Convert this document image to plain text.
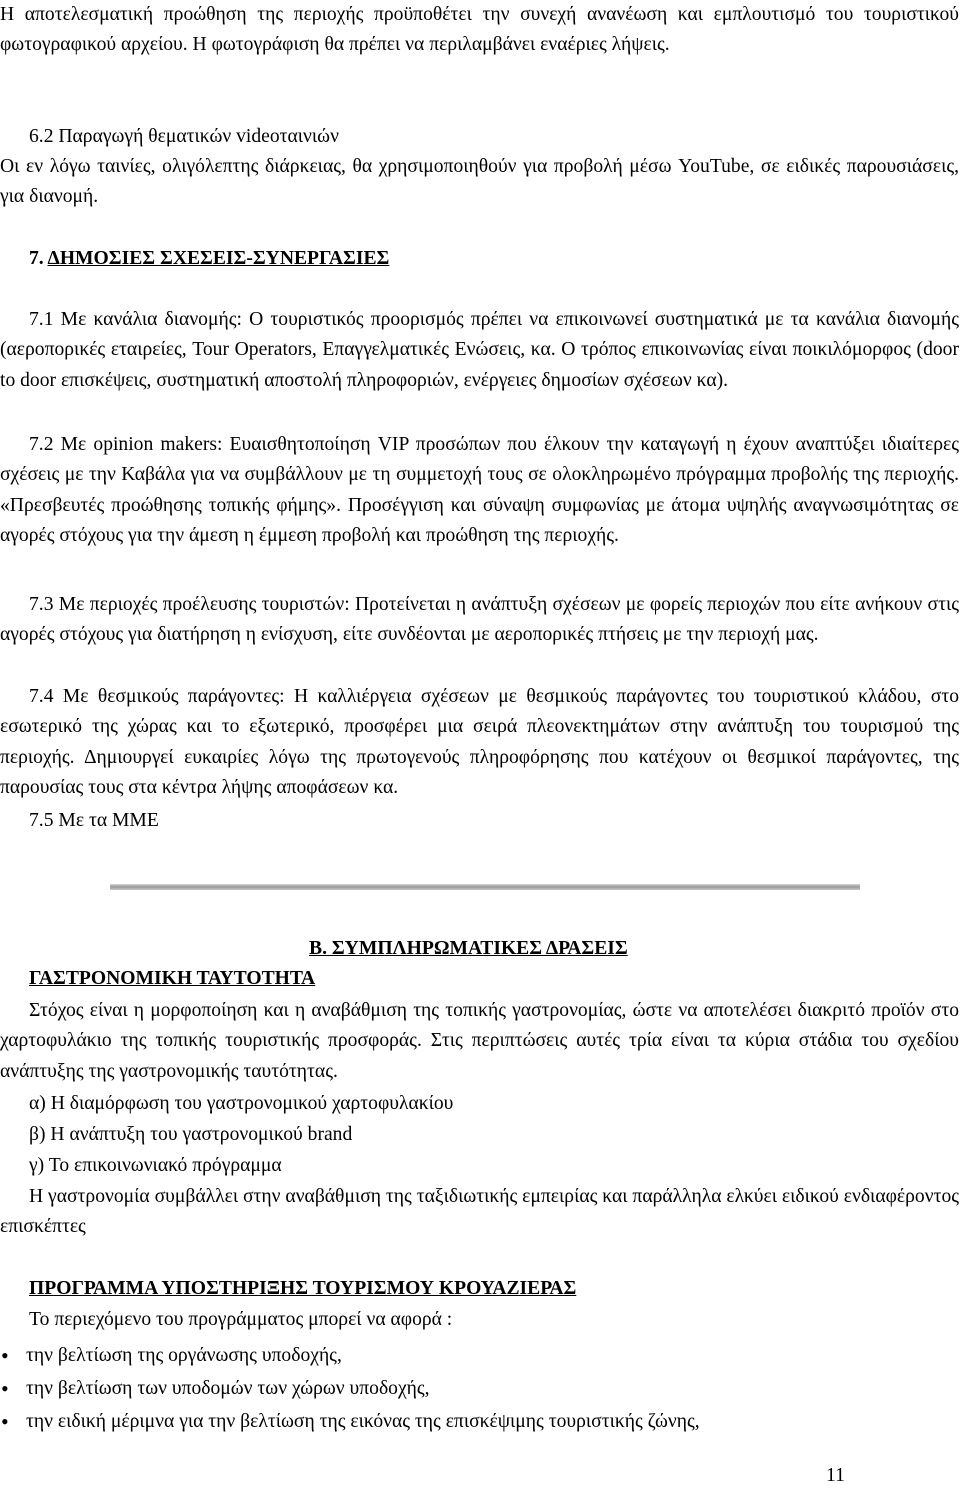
Η αποτελεσματική προώθηση της περιοχής προϋποθέτει την συνεχή ανανέωση και εμπλουτισμό του τουριστικού φωτογραφικού αρχείου. Η φωτογράφιση θα πρέπει να περιλαμβάνει εναέριες λήψεις.

6.2 Παραγωγή θεματικών videoταινιών

Οι εν λόγω ταινίες, ολιγόλεπτης διάρκειας, θα χρησιμοποιηθούν για προβολή μέσω YouTube, σε ειδικές παρουσιάσεις, για διανομή.

7. ΔΗΜΟΣΙΕΣ ΣΧΕΣΕΙΣ-ΣΥΝΕΡΓΑΣΙΕΣ

7.1 Με κανάλια διανομής: Ο τουριστικός προορισμός πρέπει να επικοινωνεί συστηματικά με τα κανάλια διανομής (αεροπορικές εταιρείες, Tour Operators, Επαγγελματικές Ενώσεις, κα. Ο τρόπος επικοινωνίας είναι ποικιλόμορφος (door to door επισκέψεις, συστηματική αποστολή πληροφοριών, ενέργειες δημοσίων σχέσεων κα).

7.2 Με opinion makers: Ευαισθητοποίηση VIP προσώπων που έλκουν την καταγωγή η έχουν αναπτύξει ιδιαίτερες σχέσεις με την Καβάλα για να συμβάλλουν με τη συμμετοχή τους σε ολοκληρωμένο πρόγραμμα προβολής της περιοχής. «Πρεσβευτές προώθησης τοπικής φήμης». Προσέγγιση και σύναψη συμφωνίας με άτομα υψηλής αναγνωσιμότητας σε αγορές στόχους για την άμεση η έμμεση προβολή και προώθηση της περιοχής.

7.3 Με περιοχές προέλευσης τουριστών: Προτείνεται η ανάπτυξη σχέσεων με φορείς περιοχών που είτε ανήκουν στις αγορές στόχους για διατήρηση η ενίσχυση, είτε συνδέονται με αεροπορικές πτήσεις με την περιοχή μας.

7.4 Με θεσμικούς παράγοντες: Η καλλιέργεια σχέσεων με θεσμικούς παράγοντες του τουριστικού κλάδου, στο εσωτερικό της χώρας και το εξωτερικό, προσφέρει μια σειρά πλεονεκτημάτων στην ανάπτυξη του τουρισμού της περιοχής. Δημιουργεί ευκαιρίες λόγω της πρωτογενούς πληροφόρησης που κατέχουν οι θεσμικοί παράγοντες, της παρουσίας τους στα κέντρα λήψης αποφάσεων κα.

7.5 Με τα ΜΜΕ

Β. ΣΥΜΠΛΗΡΩΜΑΤΙΚΕΣ ΔΡΑΣΕΙΣ
ΓΑΣΤΡΟΝΟΜΙΚΗ ΤΑΥΤΟΤΗΤΑ

Στόχος είναι η μορφοποίηση και η αναβάθμιση της τοπικής γαστρονομίας, ώστε να αποτελέσει διακριτό προϊόν στο χαρτοφυλάκιο της τοπικής τουριστικής προσφοράς. Στις περιπτώσεις αυτές τρία είναι τα κύρια στάδια του σχεδίου ανάπτυξης της γαστρονομικής ταυτότητας.

α) Η διαμόρφωση του γαστρονομικού χαρτοφυλακίου
β) Η ανάπτυξη του γαστρονομικού brand
γ) Το επικοινωνιακό πρόγραμμα

Η γαστρονομία συμβάλλει στην αναβάθμιση της ταξιδιωτικής εμπειρίας και παράλληλα ελκύει ειδικού ενδιαφέροντος επισκέπτες

ΠΡΟΓΡΑΜΜΑ ΥΠΟΣΤΗΡΙΞΗΣ ΤΟΥΡΙΣΜΟΥ ΚΡΟΥΑΖΙΕΡΑΣ
Το περιεχόμενο του προγράμματος μπορεί να αφορά :
• την βελτίωση της οργάνωσης υποδοχής,
• την βελτίωση των υποδομών των χώρων υποδοχής,
• την ειδική μέριμνα για την βελτίωση της εικόνας της επισκέψιμης τουριστικής ζώνης,
11
